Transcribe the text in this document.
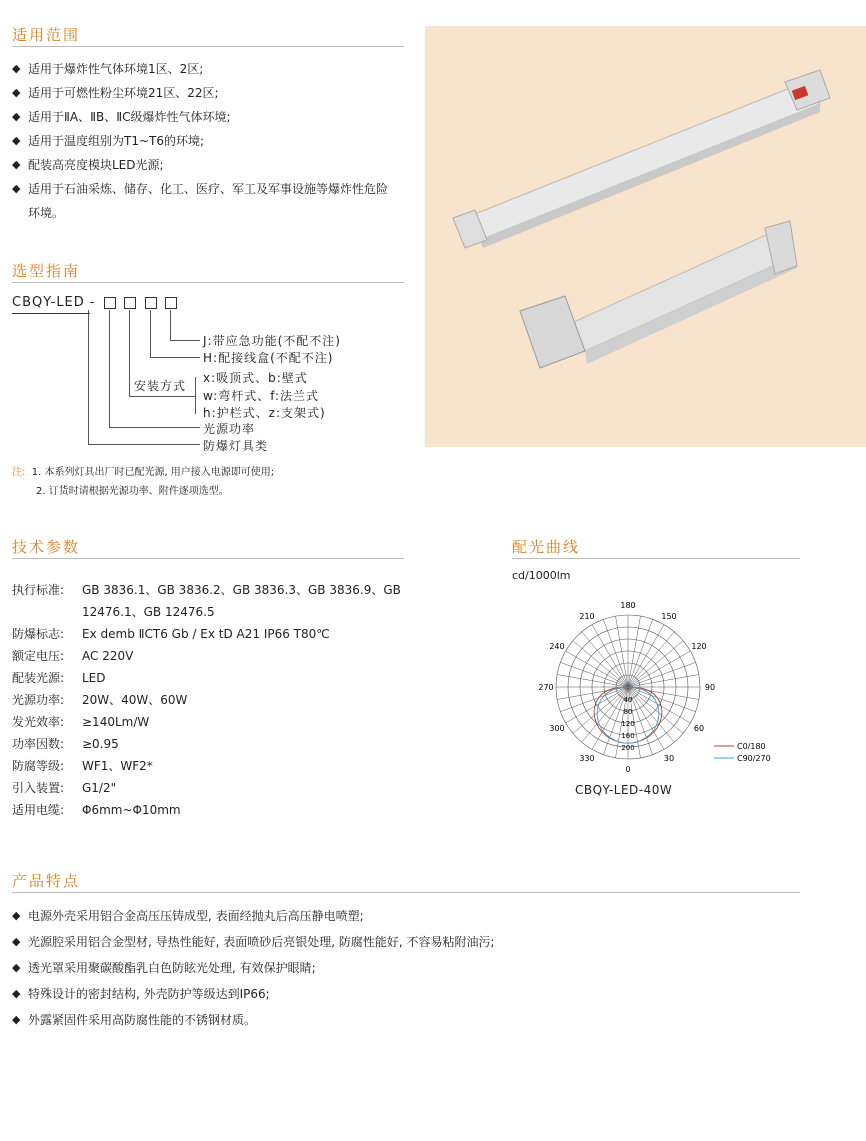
适用范围
◆ 适用于爆炸性气体环境1区、2区;
◆ 适用于可燃性粉尘环境21区、22区;
◆ 适用于ⅡA、ⅡB、ⅡC级爆炸性气体环境;
◆ 适用于温度组别为T1~T6的环境;
◆ 配装高亮度模块LED光源;
◆ 适用于石油采炼、储存、化工、医疗、军工及军事设施等爆炸性危险环境。
选型指南
CBQY-LED -
J:带应急功能(不配不注)
H:配接线盒(不配不注)
安装方式
x:吸顶式、b:壁式
w:弯杆式、f:法兰式
h:护栏式、z:支架式)
光源功率
防爆灯具类
注: 1. 本系列灯具出厂时已配光源, 用户接入电源即可使用;
2. 订货时请根据光源功率、附件逐项选型。
技术参数
执行标准:	GB 3836.1、GB 3836.2、GB 3836.3、GB 3836.9、GB 12476.1、GB 12476.5
防爆标志:	Ex demb ⅡCT6 Gb / Ex tD A21 IP66 T80℃
额定电压:	AC 220V
配装光源:	LED
光源功率:	20W、40W、60W
发光效率:	≥140Lm/W
功率因数:	≥0.95
防腐等级:	WF1、WF2*
引入装置:	G1/2"
适用电缆:	Φ6mm~Φ10mm
配光曲线
cd/1000lm
180
150
120
90
60
30
0
330
300
270
240
210
40
80
120
160
200	C0/180
C90/270
CBQY-LED-40W
产品特点
◆ 电源外壳采用铝合金高压压铸成型, 表面经抛丸后高压静电喷塑;
◆ 光源腔采用铝合金型材, 导热性能好, 表面喷砂后亮银处理, 防腐性能好, 不容易粘附油污;
◆ 透光罩采用聚碳酸酯乳白色防眩光处理, 有效保护眼睛;
◆ 特殊设计的密封结构, 外壳防护等级达到IP66;
◆ 外露紧固件采用高防腐性能的不锈钢材质。
